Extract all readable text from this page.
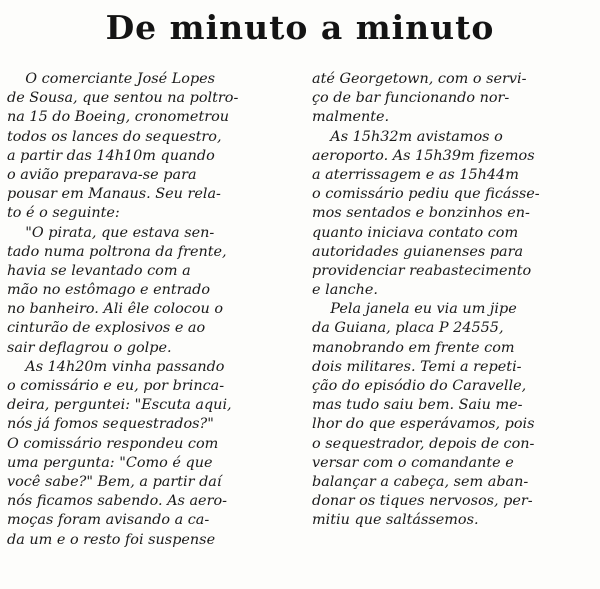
De minuto a minuto
O comerciante José Lopes
de Sousa, que sentou na poltro-
na 15 do Boeing, cronometrou
todos os lances do sequestro,
a partir das 14h10m quando
o avião preparava-se para
pousar em Manaus. Seu rela-
to é o seguinte:
"O pirata, que estava sen-
tado numa poltrona da frente,
havia se levantado com a
mão no estômago e entrado
no banheiro. Ali êle colocou o
cinturão de explosivos e ao
sair deflagrou o golpe.
As 14h20m vinha passando
o comissário e eu, por brinca-
deira, perguntei: "Escuta aqui,
nós já fomos sequestrados?"
O comissário respondeu com
uma pergunta: "Como é que
você sabe?" Bem, a partir daí
nós ficamos sabendo. As aero-
moças foram avisando a ca-
da um e o resto foi suspense
até Georgetown, com o servi-
ço de bar funcionando nor-
malmente.
As 15h32m avistamos o
aeroporto. As 15h39m fizemos
a aterrissagem e as 15h44m
o comissário pediu que ficásse-
mos sentados e bonzinhos en-
quanto iniciava contato com
autoridades guianenses para
providenciar reabastecimento
e lanche.
Pela janela eu via um jipe
da Guiana, placa P 24555,
manobrando em frente com
dois militares. Temi a repeti-
ção do episódio do Caravelle,
mas tudo saiu bem. Saiu me-
lhor do que esperávamos, pois
o sequestrador, depois de con-
versar com o comandante e
balançar a cabeça, sem aban-
donar os tiques nervosos, per-
mitiu que saltássemos.
